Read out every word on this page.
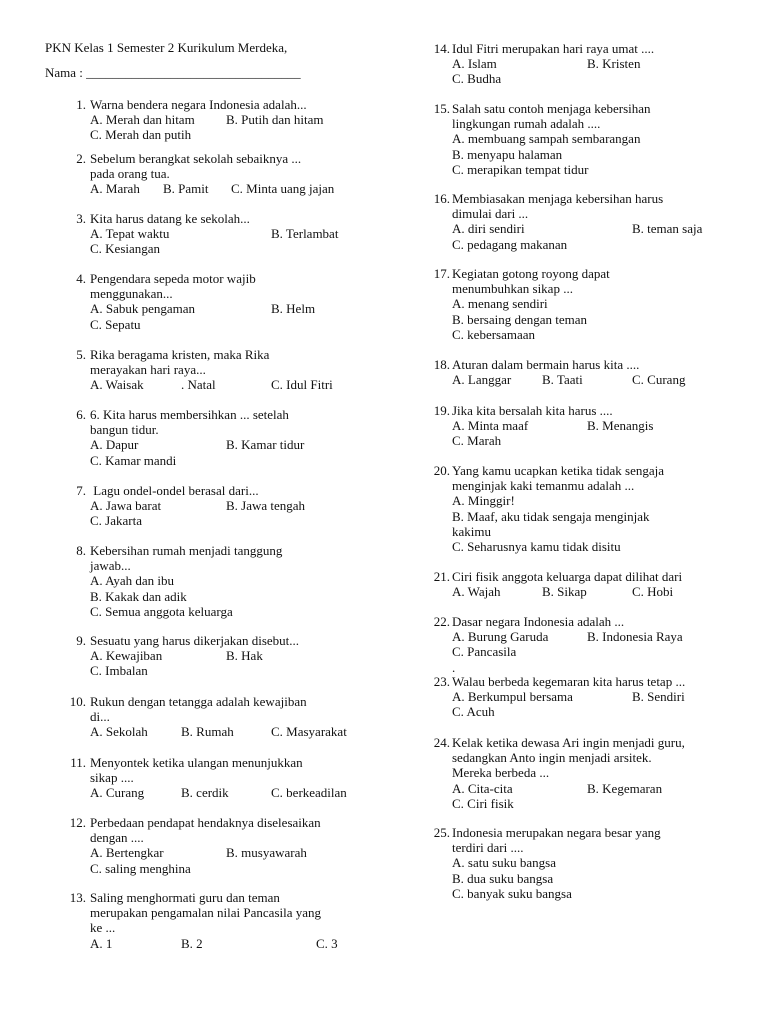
PKN Kelas 1 Semester 2 Kurikulum Merdeka,
Nama : _________________________________
1. Warna bendera negara Indonesia adalah...
A. Merah dan hitam B. Putih dan hitam
C. Merah dan putih
2. Sebelum berangkat sekolah sebaiknya ...
pada orang tua.
A. Marah B. Pamit C. Minta uang jajan
3. Kita harus datang ke sekolah...
A. Tepat waktu	B. Terlambat
C. Kesiangan
4. Pengendara sepeda motor wajib
menggunakan...
A. Sabuk pengaman	B. Helm
C. Sepatu
5. Rika beragama kristen, maka Rika
merayakan hari raya...
A. Waisak	. Natal	C. Idul Fitri
6. 6. Kita harus membersihkan ... setelah
bangun tidur.
A. Dapur	B. Kamar tidur
C. Kamar mandi
7. Lagu ondel-ondel berasal dari...
A. Jawa barat	B. Jawa tengah
C. Jakarta
8. Kebersihan rumah menjadi tanggung
jawab...
A. Ayah dan ibu
B. Kakak dan adik
C. Semua anggota keluarga
9. Sesuatu yang harus dikerjakan disebut...
A. Kewajiban	B. Hak
C. Imbalan
10. Rukun dengan tetangga adalah kewajiban
di...
A. Sekolah	B. Rumah	C. Masyarakat
11. Menyontek ketika ulangan menunjukkan
sikap ....
A. Curang	B. cerdik	C. berkeadilan
12. Perbedaan pendapat hendaknya diselesaikan
dengan ....
A. Bertengkar	B. musyawarah
C. saling menghina
13. Saling menghormati guru dan teman
merupakan pengamalan nilai Pancasila yang
ke ...
A. 1	B. 2	C. 3
14. Idul Fitri merupakan hari raya umat ....
A. Islam	B. Kristen
C. Budha
15. Salah satu contoh menjaga kebersihan
lingkungan rumah adalah ....
A. membuang sampah sembarangan
B. menyapu halaman
C. merapikan tempat tidur
16. Membiasakan menjaga kebersihan harus
dimulai dari ...
A. diri sendiri	B. teman saja
C. pedagang makanan
17. Kegiatan gotong royong dapat
menumbuhkan sikap ...
A. menang sendiri
B. bersaing dengan teman
C. kebersamaan
18. Aturan dalam bermain harus kita ....
A. Langgar B. Taati	C. Curang
19. Jika kita bersalah kita harus ....
A. Minta maaf	B. Menangis
C. Marah
20. Yang kamu ucapkan ketika tidak sengaja
menginjak kaki temanmu adalah ...
A. Minggir!
B. Maaf, aku tidak sengaja menginjak
kakimu
C. Seharusnya kamu tidak disitu
21. Ciri fisik anggota keluarga dapat dilihat dari
A. Wajah	B. Sikap	C. Hobi
22. Dasar negara Indonesia adalah ...
A. Burung Garuda	B. Indonesia Raya
C. Pancasila
.
23. Walau berbeda kegemaran kita harus tetap ...
A. Berkumpul bersama	B. Sendiri
C. Acuh
24. Kelak ketika dewasa Ari ingin menjadi guru,
sedangkan Anto ingin menjadi arsitek.
Mereka berbeda ...
A. Cita-cita	B. Kegemaran
C. Ciri fisik
25. Indonesia merupakan negara besar yang
terdiri dari ....
A. satu suku bangsa
B. dua suku bangsa
C. banyak suku bangsa
